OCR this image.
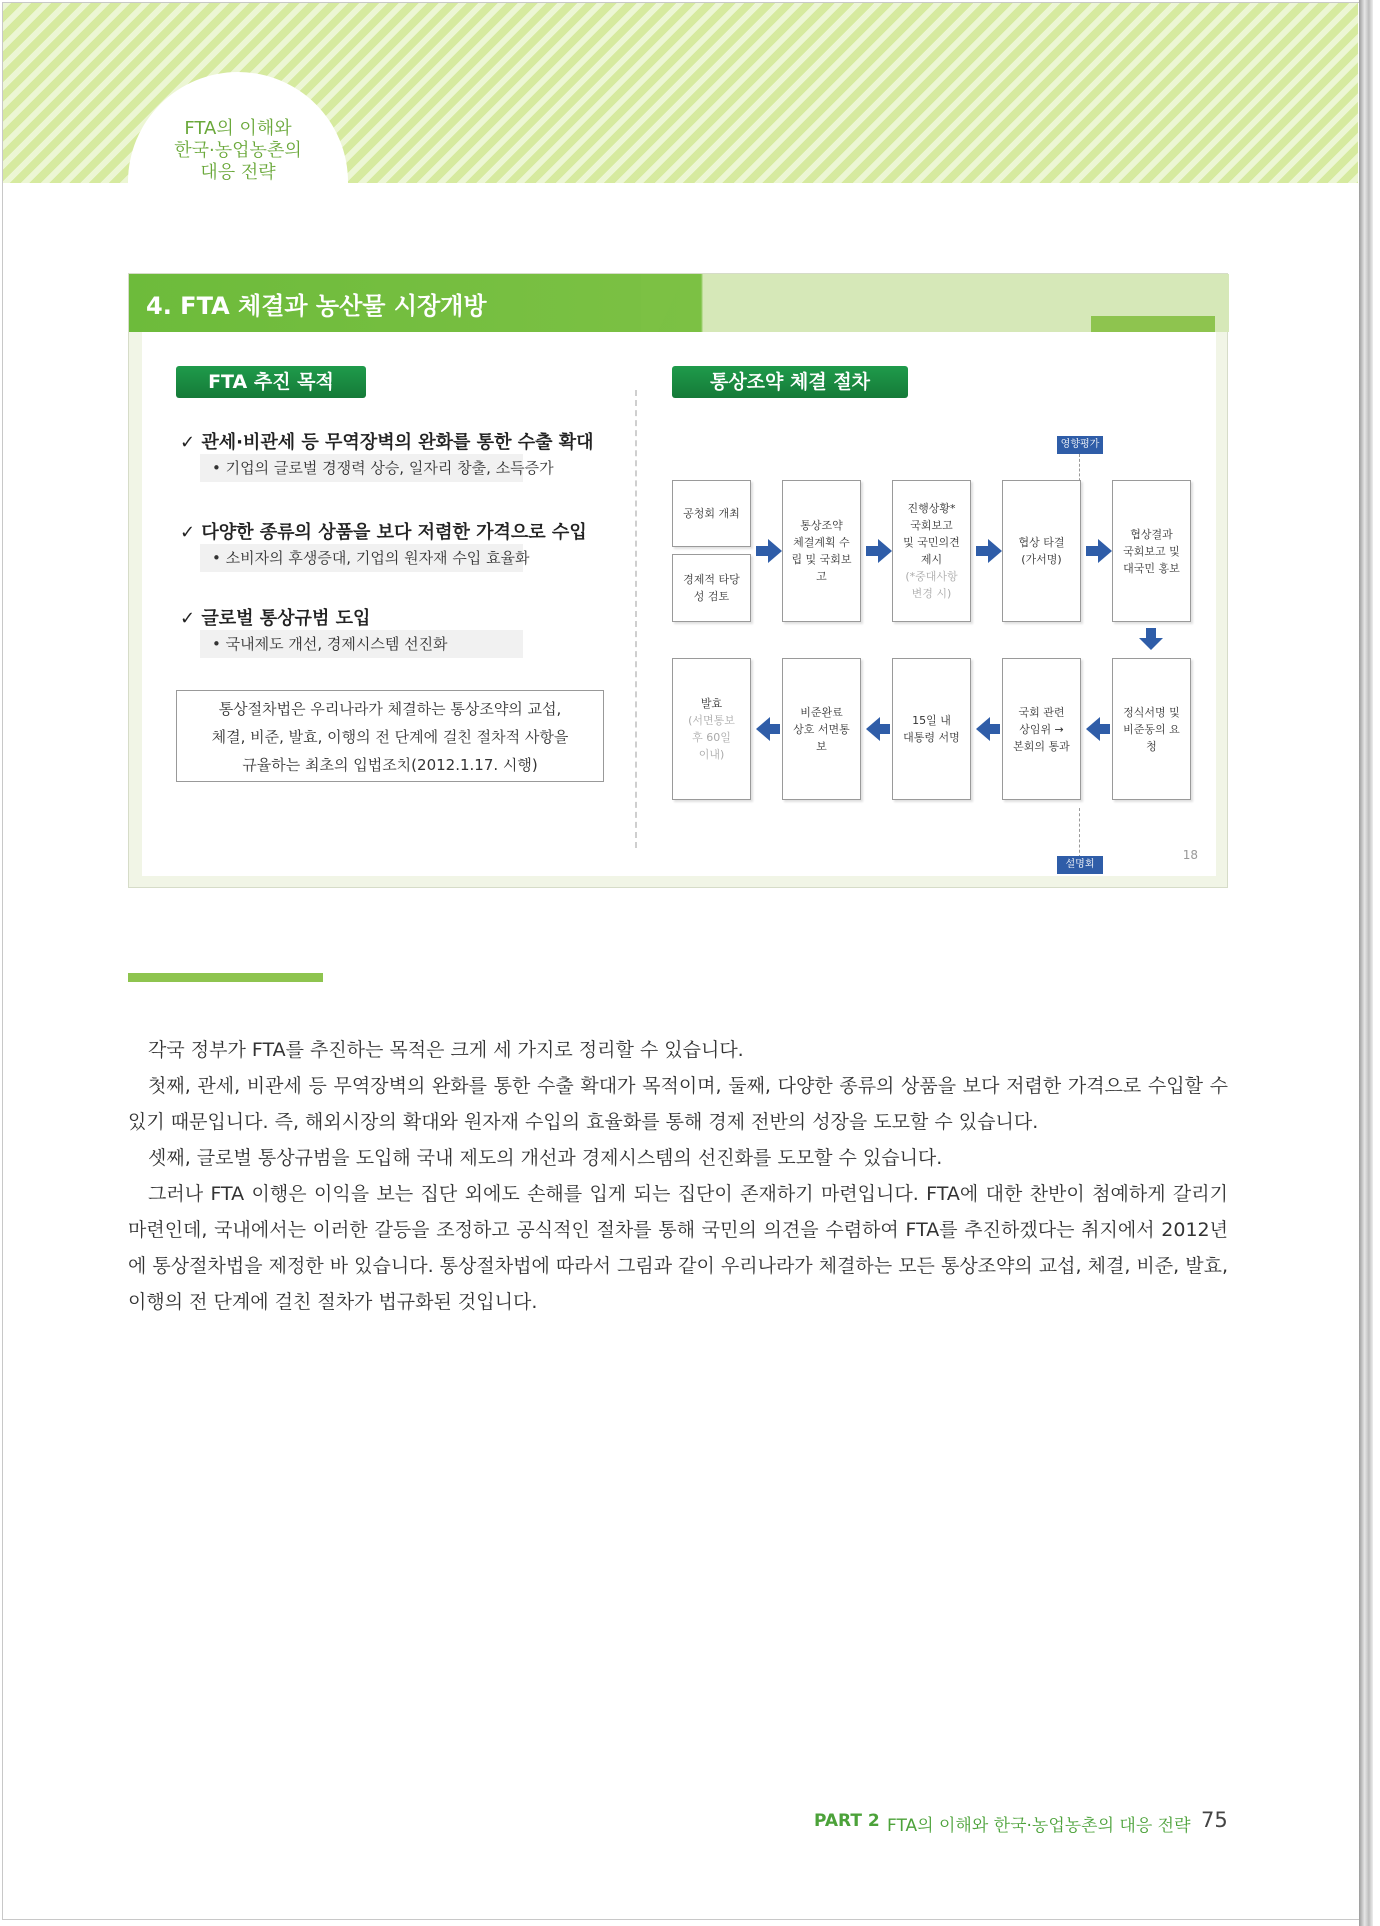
FTA의 이해와
한국·농업농촌의
대응 전략
4. FTA 체결과 농산물 시장개방
FTA 추진 목적
✓ 관세·비관세 등 무역장벽의 완화를 통한 수출 확대
• 기업의 글로벌 경쟁력 상승, 일자리 창출, 소득증가
✓ 다양한 종류의 상품을 보다 저렴한 가격으로 수입
• 소비자의 후생증대, 기업의 원자재 수입 효율화
✓ 글로벌 통상규범 도입
• 국내제도 개선, 경제시스템 선진화
통상절차법은 우리나라가 체결하는 통상조약의 교섭,
체결, 비준, 발효, 이행의 전 단계에 걸친 절차적 사항을
규율하는 최초의 입법조치(2012.1.17. 시행)
통상조약 체결 절차
영향평가
공청회 개최
경제적 타당
성 검토
통상조약
체결계획 수
립 및 국회보
고
진행상황*
국회보고
및 국민의견
제시
(*중대사항
변경 시)
협상 타결
(가서명)
협상결과
국회보고 및
대국민 홍보
정식서명 및
비준동의 요
청
국회 관련
상임위 →
본회의 통과
15일 내
대통령 서명
비준완료
상호 서면통
보
발효
(서면통보
후 60일
이내)
설명회
18

각국 정부가 FTA를 추진하는 목적은 크게 세 가지로 정리할 수 있습니다.

첫째, 관세, 비관세 등 무역장벽의 완화를 통한 수출 확대가 목적이며, 둘째, 다양한 종류의 상품을 보다 저렴한 가격으로 수입할 수 있기 때문입니다. 즉, 해외시장의 확대와 원자재 수입의 효율화를 통해 경제 전반의 성장을 도모할 수 있습니다.

셋째, 글로벌 통상규범을 도입해 국내 제도의 개선과 경제시스템의 선진화를 도모할 수 있습니다.

그러나 FTA 이행은 이익을 보는 집단 외에도 손해를 입게 되는 집단이 존재하기 마련입니다. FTA에 대한 찬반이 첨예하게 갈리기 마련인데, 국내에서는 이러한 갈등을 조정하고 공식적인 절차를 통해 국민의 의견을 수렴하여 FTA를 추진하겠다는 취지에서 2012년에 통상절차법을 제정한 바 있습니다. 통상절차법에 따라서 그림과 같이 우리나라가 체결하는 모든 통상조약의 교섭, 체결, 비준, 발효, 이행의 전 단계에 걸친 절차가 법규화된 것입니다.

PART 2 FTA의 이해와 한국·농업농촌의 대응 전략 75
